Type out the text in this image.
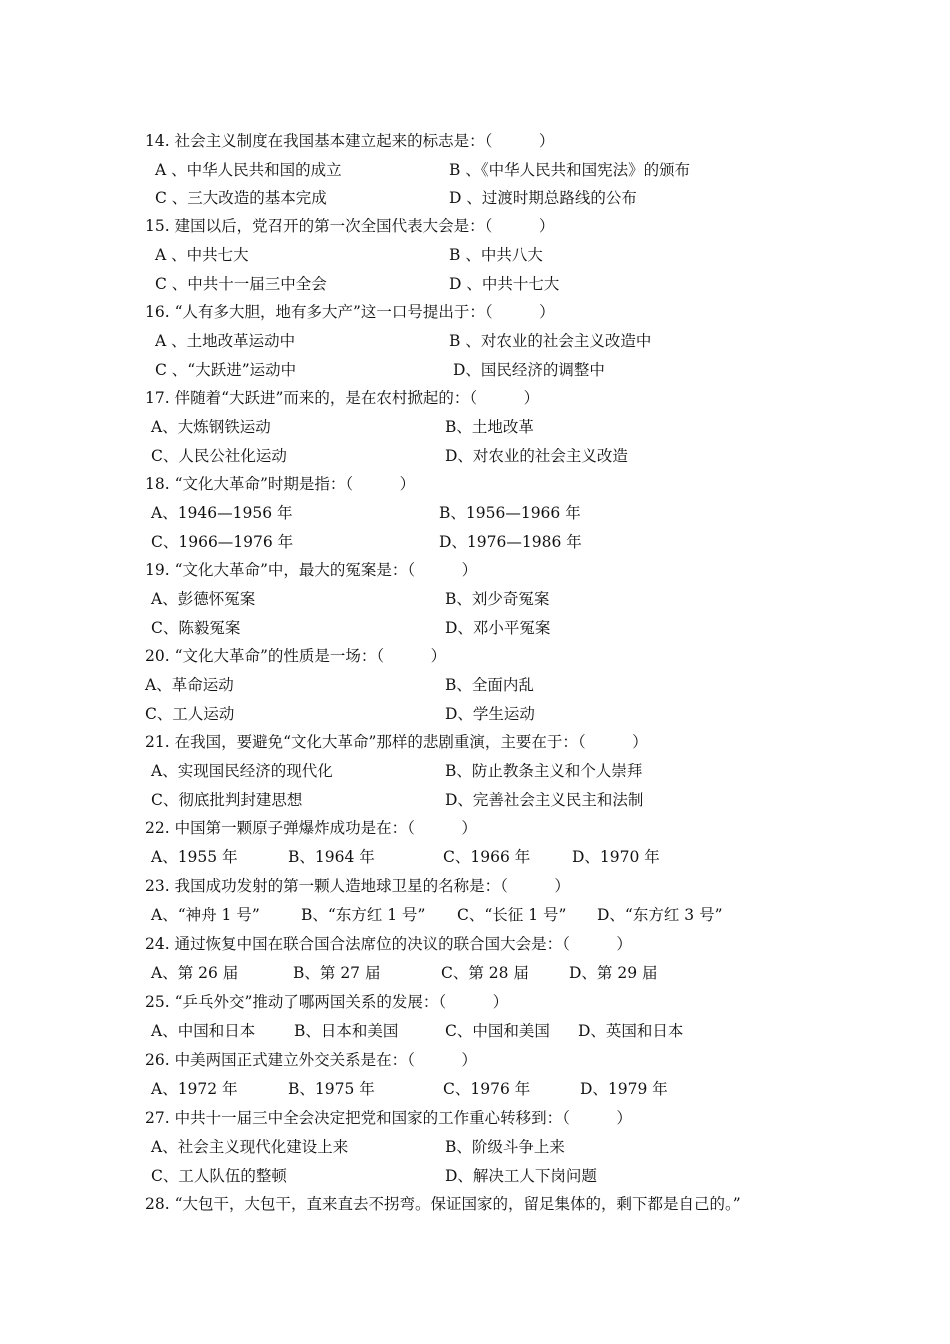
14. 社会主义制度在我国基本建立起来的标志是：（　　　）
A 、中华人民共和国的成立	B 、《中华人民共和国宪法》的颁布
C 、三大改造的基本完成	D 、过渡时期总路线的公布
15. 建国以后，党召开的第一次全国代表大会是：（　　　）
A 、中共七大	B 、中共八大
C 、中共十一届三中全会	D 、中共十七大
16. “人有多大胆，地有多大产”这一口号提出于：（　　　）
A 、土地改革运动中	B 、对农业的社会主义改造中
C 、“大跃进”运动中	D、国民经济的调整中
17. 伴随着“大跃进”而来的，是在农村掀起的：（　　　）
A、大炼钢铁运动	B、土地改革
C、人民公社化运动	D、对农业的社会主义改造
18. “文化大革命”时期是指：（　　　）
A、1946—1956 年	B、1956—1966 年
C、1966—1976 年	D、1976—1986 年
19. “文化大革命”中，最大的冤案是：（　　　）
A、彭德怀冤案	B、刘少奇冤案
C、陈毅冤案	D、邓小平冤案
20. “文化大革命”的性质是一场：（　　　）
A、革命运动	B、全面内乱
C、工人运动	D、学生运动
21. 在我国，要避免“文化大革命”那样的悲剧重演，主要在于：（　　　）
A、实现国民经济的现代化	B、防止教条主义和个人崇拜
C、彻底批判封建思想	D、完善社会主义民主和法制
22. 中国第一颗原子弹爆炸成功是在：（　　　）
A、1955 年	B、1964 年	C、1966 年	D、1970 年
23. 我国成功发射的第一颗人造地球卫星的名称是：（　　　）
A、“神舟 1 号”	B、“东方红 1 号” C、“长征 1 号” D、“东方红 3 号”
24. 通过恢复中国在联合国合法席位的决议的联合国大会是：（　　　）
A、第 26 届	B、第 27 届	C、第 28 届	D、第 29 届
25. “乒乓外交”推动了哪两国关系的发展：（　　　）
A、中国和日本	B、日本和美国	C、中国和美国 D、英国和日本
26. 中美两国正式建立外交关系是在：（　　　）
A、1972 年	B、1975 年	C、1976 年	D、1979 年
27. 中共十一届三中全会决定把党和国家的工作重心转移到：（　　　）
A、社会主义现代化建设上来	B、阶级斗争上来
C、工人队伍的整顿	D、解决工人下岗问题
28. “大包干，大包干，直来直去不拐弯。保证国家的，留足集体的，剩下都是自己的。”
